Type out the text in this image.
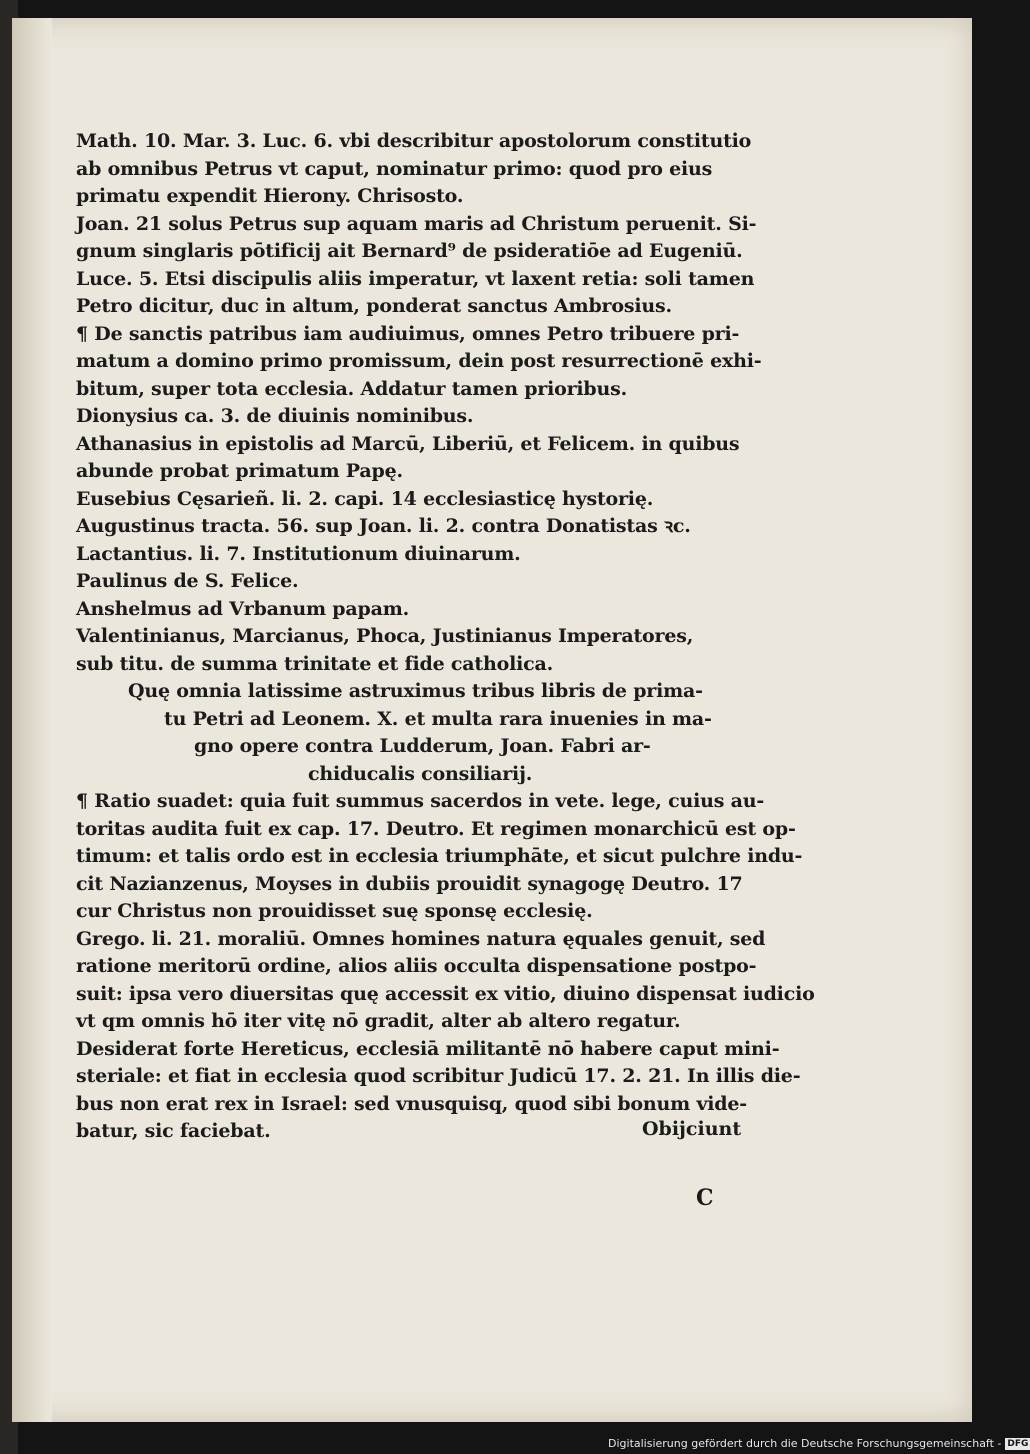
Math. 10. Mar. 3. Luc. 6. vbi describitur apostolorum constitutio
ab omnibus Petrus vt caput, nominatur primo: quod pro eius
primatu expendit Hierony. Chrisosto.
Joan. 21 solus Petrus sup aquam maris ad Christum peruenit. Si-
gnum singlaris pōtificij ait Bernard⁹ de psideratiōe ad Eugeniū.
Luce. 5. Etsi discipulis aliis imperatur, vt laxent retia: soli tamen
Petro dicitur, duc in altum, ponderat sanctus Ambrosius.
¶ De sanctis patribus iam audiuimus, omnes Petro tribuere pri-
matum a domino primo promissum, dein post resurrectionē exhi-
bitum, super tota ecclesia. Addatur tamen prioribus.
Dionysius ca. 3. de diuinis nominibus.
Athanasius in epistolis ad Marcū, Liberiū, et Felicem. in quibus
abunde probat primatum Papę.
Eusebius Cęsarieñ. li. 2. capi. 14 ecclesiasticę hystorię.
Augustinus tracta. 56. sup Joan. li. 2. contra Donatistas ꝛc.
Lactantius. li. 7. Institutionum diuinarum.
Paulinus de S. Felice.
Anshelmus ad Vrbanum papam.
Valentinianus, Marcianus, Phoca, Justinianus Imperatores,
sub titu. de summa trinitate et fide catholica.
Quę omnia latissime astruximus tribus libris de prima-
tu Petri ad Leonem. X. et multa rara inuenies in ma-
gno opere contra Ludderum, Joan. Fabri ar-
chiducalis consiliarij.
¶ Ratio suadet: quia fuit summus sacerdos in vete. lege, cuius au-
toritas audita fuit ex cap. 17. Deutro. Et regimen monarchicū est op-
timum: et talis ordo est in ecclesia triumphāte, et sicut pulchre indu-
cit Nazianzenus, Moyses in dubiis prouidit synagogę Deutro. 17
cur Christus non prouidisset suę sponsę ecclesię.
Grego. li. 21. moraliū. Omnes homines natura ęquales genuit, sed
ratione meritorū ordine, alios aliis occulta dispensatione postpo-
suit: ipsa vero diuersitas quę accessit ex vitio, diuino dispensat iudicio
vt qm omnis hō iter vitę nō gradit, alter ab altero regatur.
Desiderat forte Hereticus, ecclesiā militantē nō habere caput mini-
steriale: et fiat in ecclesia quod scribitur Judicū 17. 2. 21. In illis die-
bus non erat rex in Israel: sed vnusquisq, quod sibi bonum vide-
batur, sic faciebat.	Obijciunt
C
Digitalisierung gefördert durch die Deutsche Forschungsgemeinschaft - DFG
